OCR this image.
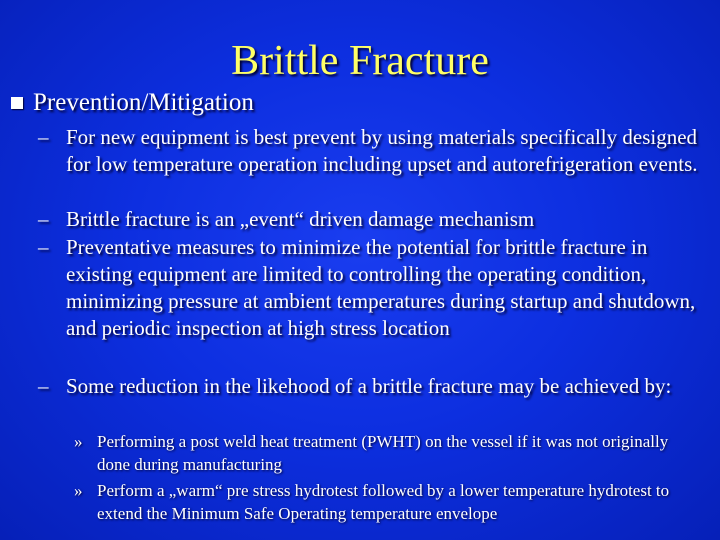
Brittle Fracture
Prevention/Mitigation
– For new equipment is best prevent by using materials specifically designed for low temperature operation including upset and autorefrigeration events.
– Brittle fracture is an „event“ driven damage mechanism
– Preventative measures to minimize the potential for brittle fracture in existing equipment are limited to controlling the operating condition, minimizing pressure at ambient temperatures during startup and shutdown, and periodic inspection at high stress location
– Some reduction in the likehood of a brittle fracture may be achieved by:
» Performing a post weld heat treatment (PWHT) on the vessel if it was not originally done during manufacturing
» Perform a „warm“ pre stress hydrotest followed by a lower temperature hydrotest to extend the Minimum Safe Operating temperature envelope
